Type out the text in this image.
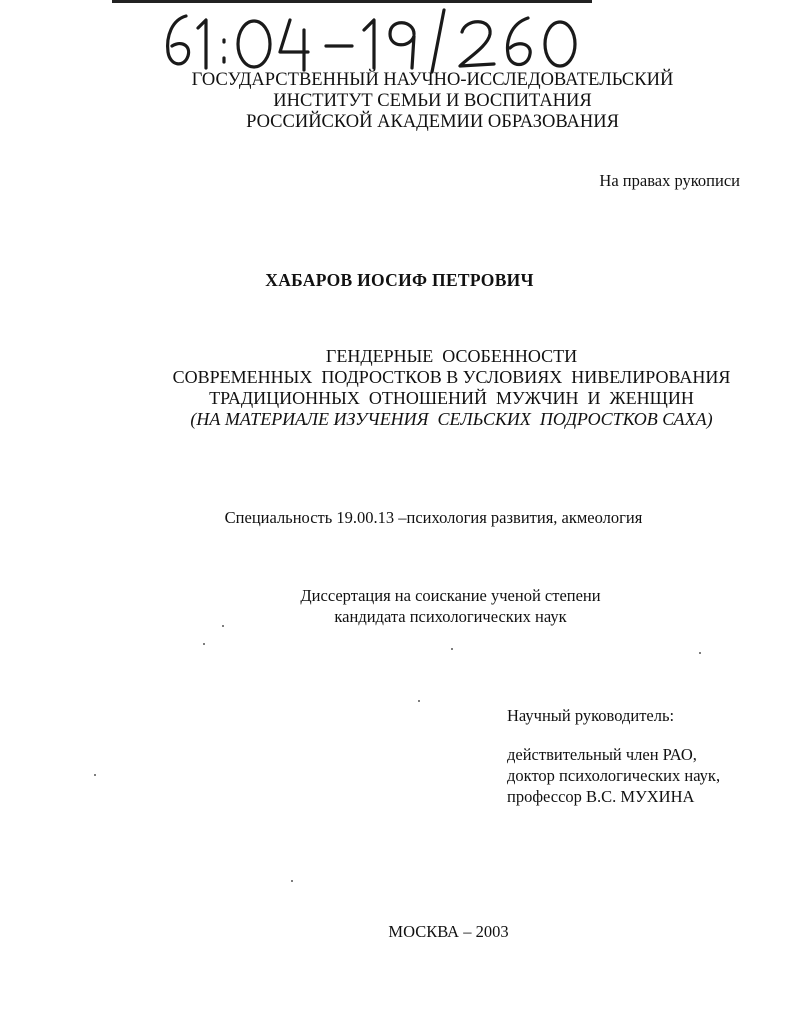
ГОСУДАРСТВЕННЫЙ НАУЧНО-ИССЛЕДОВАТЕЛЬСКИЙ
ИНСТИТУТ СЕМЬИ И ВОСПИТАНИЯ
РОССИЙСКОЙ АКАДЕМИИ ОБРАЗОВАНИЯ
На правах рукописи
ХАБАРОВ ИОСИФ ПЕТРОВИЧ
ГЕНДЕРНЫЕ  ОСОБЕННОСТИ
СОВРЕМЕННЫХ  ПОДРОСТКОВ В УСЛОВИЯХ  НИВЕЛИРОВАНИЯ
ТРАДИЦИОННЫХ  ОТНОШЕНИЙ  МУЖЧИН  И  ЖЕНЩИН
(НА МАТЕРИАЛЕ ИЗУЧЕНИЯ  СЕЛЬСКИХ  ПОДРОСТКОВ САХА)
Специальность 19.00.13 –психология развития, акмеология
Диссертация на соискание ученой степени
кандидата психологических наук
Научный руководитель:
действительный член РАО,
доктор психологических наук,
профессор В.С. МУХИНА
МОСКВА – 2003
